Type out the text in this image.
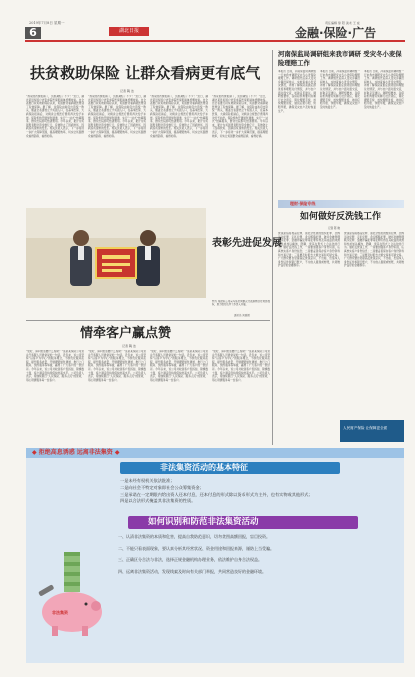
2019年7月8日 星期一	责任编辑 徐 阳 美术 王 成
6	湖北日报	金融·保险·广告
扶贫救助保险 让群众看病更有底气
记者 陶 洁
“我家的药费报销了，负担减轻了不少！”近日，湖北某县贫困户老张拿着医保报销单感慨地说。自全省推行扶贫救助保险以来，贫困群众看病就医得到了有效保障。据了解，该保险由政府出资统一购买，覆盖全省建档立卡贫困人口，在基本医保、大病保险报销后，对剩余合规医疗费用再次给予补偿。保险机构开通绿色通道，实行“一站式”结算服务，群众出院即可结清费用。今年以来，累计为贫困患者赔付资金数亿元，有效防止了因病致贫、因病返贫现象的发生。相关负责人表示，下一步将进一步扩大保障范围，提高理赔效率，切实让贫困群众看得起病、看得好病。
“我家的药费报销了，负担减轻了不少！”近日，湖北某县贫困户老张拿着医保报销单感慨地说。自全省推行扶贫救助保险以来，贫困群众看病就医得到了有效保障。据了解，该保险由政府出资统一购买，覆盖全省建档立卡贫困人口，在基本医保、大病保险报销后，对剩余合规医疗费用再次给予补偿。保险机构开通绿色通道，实行“一站式”结算服务，群众出院即可结清费用。今年以来，累计为贫困患者赔付资金数亿元，有效防止了因病致贫、因病返贫现象的发生。相关负责人表示，下一步将进一步扩大保障范围，提高理赔效率，切实让贫困群众看得起病、看得好病。
“我家的药费报销了，负担减轻了不少！”近日，湖北某县贫困户老张拿着医保报销单感慨地说。自全省推行扶贫救助保险以来，贫困群众看病就医得到了有效保障。据了解，该保险由政府出资统一购买，覆盖全省建档立卡贫困人口，在基本医保、大病保险报销后，对剩余合规医疗费用再次给予补偿。保险机构开通绿色通道，实行“一站式”结算服务，群众出院即可结清费用。今年以来，累计为贫困患者赔付资金数亿元，有效防止了因病致贫、因病返贫现象的发生。相关负责人表示，下一步将进一步扩大保障范围，提高理赔效率，切实让贫困群众看得起病、看得好病。
“我家的药费报销了，负担减轻了不少！”近日，湖北某县贫困户老张拿着医保报销单感慨地说。自全省推行扶贫救助保险以来，贫困群众看病就医得到了有效保障。据了解，该保险由政府出资统一购买，覆盖全省建档立卡贫困人口，在基本医保、大病保险报销后，对剩余合规医疗费用再次给予补偿。保险机构开通绿色通道，实行“一站式”结算服务，群众出院即可结清费用。今年以来，累计为贫困患者赔付资金数亿元，有效防止了因病致贫、因病返贫现象的发生。相关负责人表示，下一步将进一步扩大保障范围，提高理赔效率，切实让贫困群众看得起病、看得好病。
表彰先进促发展
图为 某保险公司向当地贫困群众代表捐赠扶贫救助保险，助力脱贫攻坚工作深入开展。
通讯员 刘丽摄
情牵客户赢点赞
记者 陶 洁
“您好，请问您需要什么帮助？”这是某保险公司营业厅客服人员最常说的一句话。近年来，该公司坚持“以客户为中心”的服务理念，不断优化服务流程，提升服务质量，开通理赔绿色通道，推行上门服务、预约服务等举措，赢得了广大客户的一致好评。今年以来，该公司共收到客户表扬信、锦旗数十面，客户满意度持续保持较高水平。公司负责人表示，将继续践行“人民保险、服务人民”的使命，用心用情服务每一位客户。
“您好，请问您需要什么帮助？”这是某保险公司营业厅客服人员最常说的一句话。近年来，该公司坚持“以客户为中心”的服务理念，不断优化服务流程，提升服务质量，开通理赔绿色通道，推行上门服务、预约服务等举措，赢得了广大客户的一致好评。今年以来，该公司共收到客户表扬信、锦旗数十面，客户满意度持续保持较高水平。公司负责人表示，将继续践行“人民保险、服务人民”的使命，用心用情服务每一位客户。
“您好，请问您需要什么帮助？”这是某保险公司营业厅客服人员最常说的一句话。近年来，该公司坚持“以客户为中心”的服务理念，不断优化服务流程，提升服务质量，开通理赔绿色通道，推行上门服务、预约服务等举措，赢得了广大客户的一致好评。今年以来，该公司共收到客户表扬信、锦旗数十面，客户满意度持续保持较高水平。公司负责人表示，将继续践行“人民保险、服务人民”的使命，用心用情服务每一位客户。
“您好，请问您需要什么帮助？”这是某保险公司营业厅客服人员最常说的一句话。近年来，该公司坚持“以客户为中心”的服务理念，不断优化服务流程，提升服务质量，开通理赔绿色通道，推行上门服务、预约服务等举措，赢得了广大客户的一致好评。今年以来，该公司共收到客户表扬信、锦旗数十面，客户满意度持续保持较高水平。公司负责人表示，将继续践行“人民保险、服务人民”的使命，用心用情服务每一位客户。
河南保监局调研组来我市调研 受灾冬小麦保险理赔工作
本报讯 日前，河南保监局调研组一行来我市调研受灾冬小麦保险理赔工作。调研组先后深入受灾乡镇田间地头，实地查看小麦受灾情况，详细了解保险查勘定损进度和理赔兑付情况，并与农户面对面交流，听取意见建议。调研组要求，各保险机构要切实履行社会责任，简化理赔手续，加快理赔进度，做到应赔尽赔、快赔早赔，确保受灾农户及时恢复生产。
本报讯 日前，河南保监局调研组一行来我市调研受灾冬小麦保险理赔工作。调研组先后深入受灾乡镇田间地头，实地查看小麦受灾情况，详细了解保险查勘定损进度和理赔兑付情况，并与农户面对面交流，听取意见建议。调研组要求，各保险机构要切实履行社会责任，简化理赔手续，加快理赔进度，做到应赔尽赔、快赔早赔，确保受灾农户及时恢复生产。
本报讯 日前，河南保监局调研组一行来我市调研受灾冬小麦保险理赔工作。调研组先后深入受灾乡镇田间地头，实地查看小麦受灾情况，详细了解保险查勘定损进度和理赔兑付情况，并与农户面对面交流，听取意见建议。调研组要求，各保险机构要切实履行社会责任，简化理赔手续，加快理赔进度，做到应赔尽赔、快赔早赔，确保受灾农户及时恢复生产。
理财·保险专线
如何做好反洗钱工作
记者 陈 晓
洗钱是指将毒品犯罪、黑社会性质的组织犯罪、恐怖活动犯罪、走私犯罪、贪污贿赂犯罪、破坏金融管理秩序犯罪、金融诈骗犯罪等犯罪所得及其收益的来源和性质加以掩饰、隐瞒，使其在形式上合法化的行为。做好反洗钱工作，一是要加强客户身份识别，认真核实客户身份信息；二是要妥善保存客户身份资料和交易记录；三是要及时报告大额交易和可疑交易。广大群众要自觉提高反洗钱意识，不出租、出借本人身份证件和银行账户，不为他人提现或转账，共同维护良好的金融秩序。
洗钱是指将毒品犯罪、黑社会性质的组织犯罪、恐怖活动犯罪、走私犯罪、贪污贿赂犯罪、破坏金融管理秩序犯罪、金融诈骗犯罪等犯罪所得及其收益的来源和性质加以掩饰、隐瞒，使其在形式上合法化的行为。做好反洗钱工作，一是要加强客户身份识别，认真核实客户身份信息；二是要妥善保存客户身份资料和交易记录；三是要及时报告大额交易和可疑交易。广大群众要自觉提高反洗钱意识，不出租、出借本人身份证件和银行账户，不为他人提现或转账，共同维护良好的金融秩序。
人民财产保险 让保障更全面
◆ 拒绝高息诱惑 远离非法集资 ◆
非法集资
非法集资活动的基本特征
一是未经有权机关依法批准；
二是向社会不特定对象即社会公众筹集资金；
三是承诺在一定期限内给出资人还本付息，还本付息的形式除以货币形式为主外，也有实物或其他形式；
四是以合法形式掩盖其非法集资的性质。
如何识别和防范非法集资活动
一、认清非法集资的本质和危害，提高自我防范意识，切勿贪图高额回报，盲目投资。
二、不能只看表面现象，要认真分析其经营状况、资金用途和回报来源，谨防上当受骗。
三、正确区分合法与非法，选择正规金融机构办理业务，依法维护自身合法权益。
四、远离非法集资活动，发现线索及时向有关部门举报，共同营造良好的金融环境。
